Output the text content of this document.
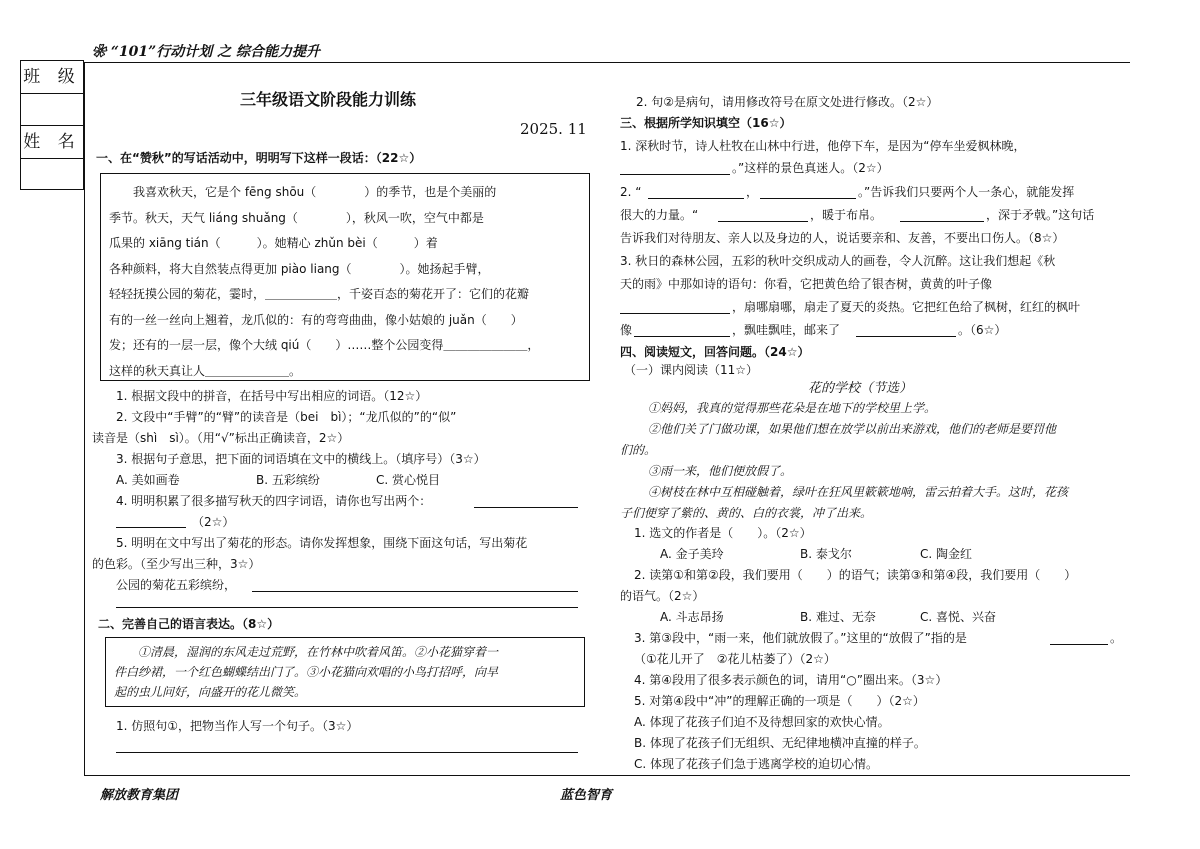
❀ “101”行动计划 之 综合能力提升
班 级
姓 名
三年级语文阶段能力训练
2025. 11
一、在“赞秋”的写话活动中，明明写下这样一段话：（22☆）

我喜欢秋天，它是个 fēng shōu（　　　　）的季节，也是个美丽的

季节。秋天，天气 liáng shuǎng（　　　　），秋风一吹，空气中都是
瓜果的 xiāng tián（　　　）。她精心 zhǔn bèi（　　　）着
各种颜料，将大自然装点得更加 piào liang（　　　　）。她扬起手臂，
轻轻抚摸公园的菊花，霎时，＿＿＿＿＿＿，千姿百态的菊花开了：它们的花瓣
有的一丝一丝向上翘着，龙爪似的：有的弯弯曲曲，像小姑娘的 juǎn（　　）
发；还有的一层一层，像个大绒 qiú（　　）……整个公园变得＿＿＿＿＿＿＿，
这样的秋天真让人＿＿＿＿＿＿＿。
1. 根据文段中的拼音，在括号中写出相应的词语。（12☆）
2. 文段中“手臂”的“臂”的读音是（bei　bì）；“龙爪似的”的“似”
读音是（shì　sì）。（用“√”标出正确读音，2☆）
3. 根据句子意思，把下面的词语填在文中的横线上。（填序号）（3☆）
A. 美如画卷	B. 五彩缤纷	C. 赏心悦目
4. 明明积累了很多描写秋天的四字词语，请你也写出两个：
（2☆）
5. 明明在文中写出了菊花的形态。请你发挥想象，围绕下面这句话，写出菊花
的色彩。（至少写出三种，3☆）
公园的菊花五彩缤纷，
二、完善自己的语言表达。（8☆）

①清晨，湿润的东风走过荒野，在竹林中吹着风笛。②小花猫穿着一

件白纱裙，一个红色蝴蝶结出门了。③小花猫向欢唱的小鸟打招呼，向早
起的虫儿问好，向盛开的花儿微笑。
1. 仿照句①，把物当作人写一个句子。（3☆）
2. 句②是病句，请用修改符号在原文处进行修改。（2☆）
三、根据所学知识填空（16☆）
1. 深秋时节，诗人杜牧在山林中行进，他停下车，是因为“停车坐爱枫林晚，
。”这样的景色真迷人。（2☆）
2. “	，	。”告诉我们只要两个人一条心，就能发挥
很大的力量。“	，暖于布帛。	，深于矛戟。”这句话
告诉我们对待朋友、亲人以及身边的人，说话要亲和、友善，不要出口伤人。（8☆）
3. 秋日的森林公园，五彩的秋叶交织成动人的画卷，令人沉醉。这让我们想起《秋
天的雨》中那如诗的语句：你看，它把黄色给了银杏树，黄黄的叶子像
，扇哪扇哪，扇走了夏天的炎热。它把红色给了枫树，红红的枫叶
像	，飘哇飘哇，邮来了	。（6☆）
四、阅读短文，回答问题。（24☆）
（一）课内阅读（11☆）
花的学校（节选）
①妈妈，我真的觉得那些花朵是在地下的学校里上学。
②他们关了门做功课，如果他们想在放学以前出来游戏，他们的老师是要罚他
们的。
③雨一来，他们便放假了。
④树枝在林中互相碰触着，绿叶在狂风里簌簌地响，雷云拍着大手。这时，花孩
子们便穿了紫的、黄的、白的衣裳，冲了出来。
1. 选文的作者是（　　）。（2☆）
A. 金子美玲	B. 泰戈尔	C. 陶金红
2. 读第①和第②段，我们要用（　　）的语气；读第③和第④段，我们要用（　　）
的语气。（2☆）
A. 斗志昂扬	B. 难过、无奈	C. 喜悦、兴奋
3. 第③段中，“雨一来，他们就放假了。”这里的“放假了”指的是	。
（①花儿开了　②花儿枯萎了）（2☆）
4. 第④段用了很多表示颜色的词，请用“○”圈出来。（3☆）
5. 对第④段中“冲”的理解正确的一项是（　　）（2☆）
A. 体现了花孩子们迫不及待想回家的欢快心情。
B. 体现了花孩子们无组织、无纪律地横冲直撞的样子。
C. 体现了花孩子们急于逃离学校的迫切心情。
解放教育集团	蓝色智育
